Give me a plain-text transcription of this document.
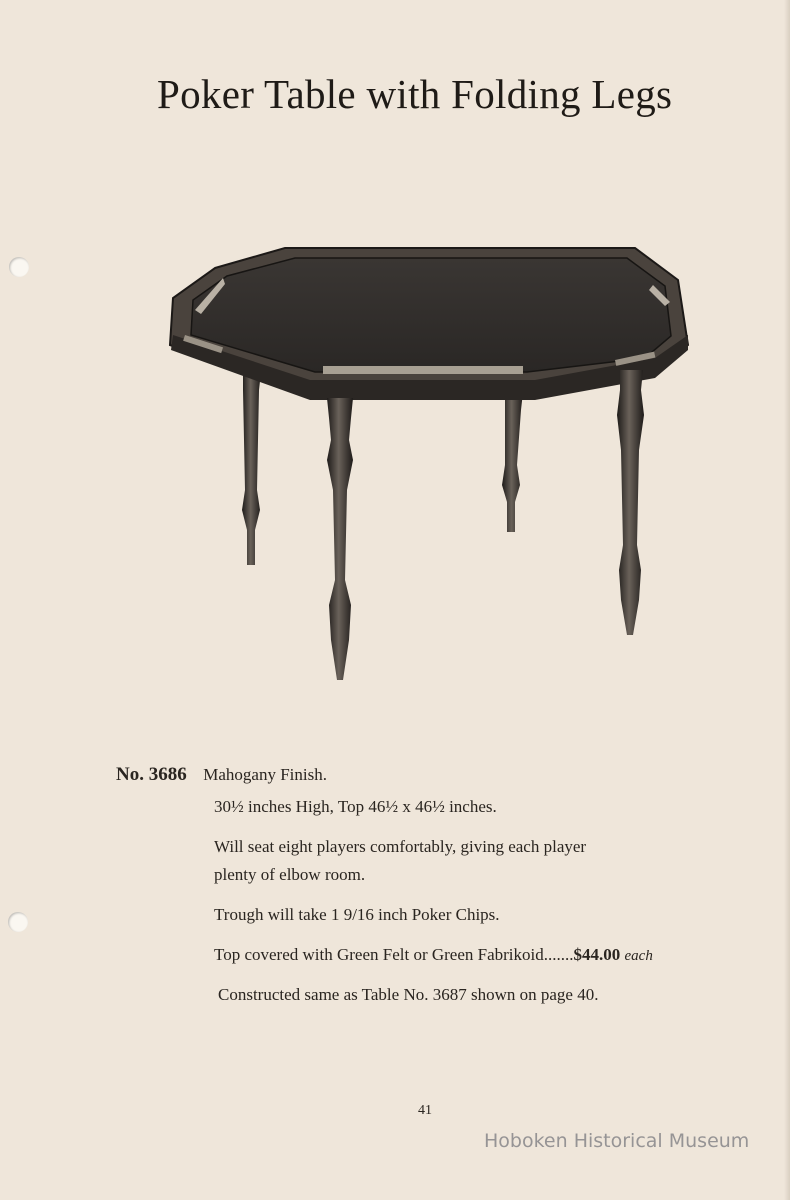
Poker Table with Folding Legs
No. 3686 Mahogany Finish.
30½ inches High, Top 46½ x 46½ inches.
Will seat eight players comfortably, giving each player
plenty of elbow room.
Trough will take 1 9/16 inch Poker Chips.
Top covered with Green Felt or Green Fabrikoid.......$44.00 each
Constructed same as Table No. 3687 shown on page 40.
41
Hoboken Historical Museum
